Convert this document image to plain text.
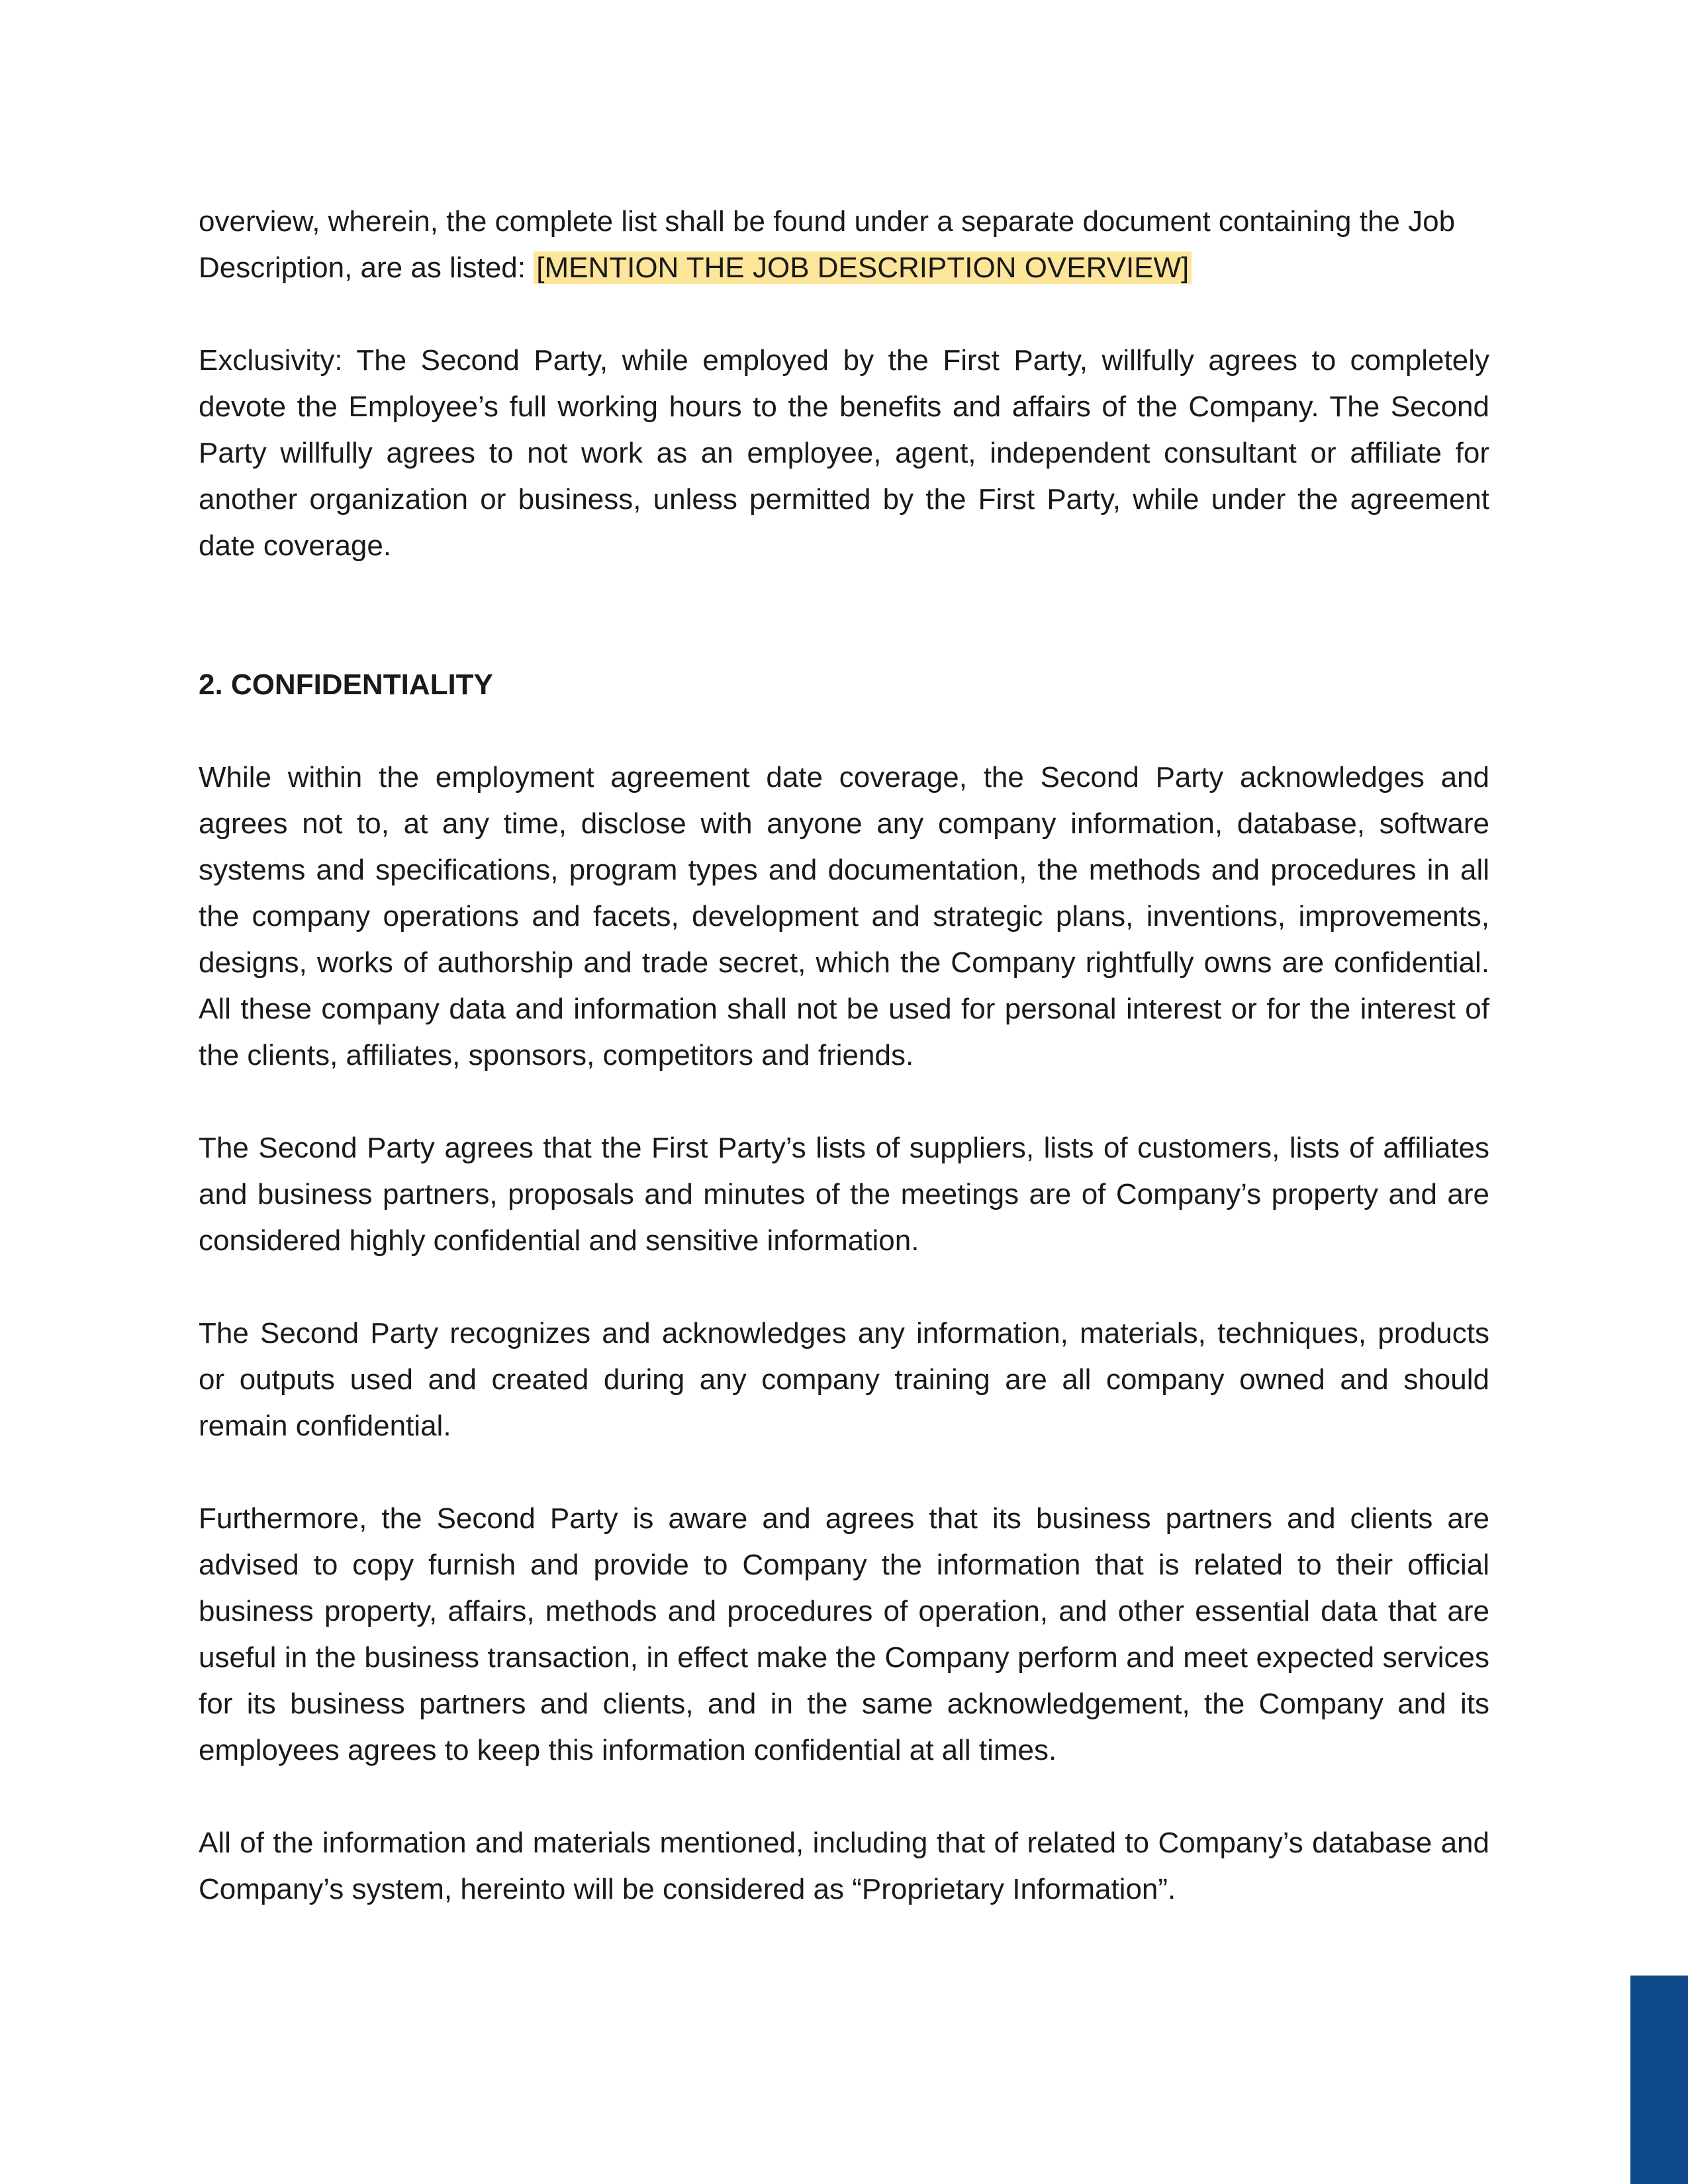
overview, wherein, the complete list shall be found under a separate document containing the Job Description, are as listed: [MENTION THE JOB DESCRIPTION OVERVIEW]

Exclusivity: The Second Party, while employed by the First Party, willfully agrees to completely devote the Employee’s full working hours to the benefits and affairs of the Company. The Second Party willfully agrees to not work as an employee, agent, independent consultant or affiliate for another organization or business, unless permitted by the First Party, while under the agreement date coverage.

2. CONFIDENTIALITY

While within the employment agreement date coverage, the Second Party acknowledges and agrees not to, at any time, disclose with anyone any company information, database, software systems and specifications, program types and documentation, the methods and procedures in all the company operations and facets, development and strategic plans, inventions, improvements, designs, works of authorship and trade secret, which the Company rightfully owns are confidential. All these company data and information shall not be used for personal interest or for the interest of the clients, affiliates, sponsors, competitors and friends.

The Second Party agrees that the First Party’s lists of suppliers, lists of customers, lists of affiliates and business partners, proposals and minutes of the meetings are of Company’s property and are considered highly confidential and sensitive information.

The Second Party recognizes and acknowledges any information, materials, techniques, products or outputs used and created during any company training are all company owned and should remain confidential.

Furthermore, the Second Party is aware and agrees that its business partners and clients are advised to copy furnish and provide to Company the information that is related to their official business property, affairs, methods and procedures of operation, and other essential data that are useful in the business transaction, in effect make the Company perform and meet expected services for its business partners and clients, and in the same acknowledgement, the Company and its employees agrees to keep this information confidential at all times.

All of the information and materials mentioned, including that of related to Company’s database and Company’s system, hereinto will be considered as “Proprietary Information”.
